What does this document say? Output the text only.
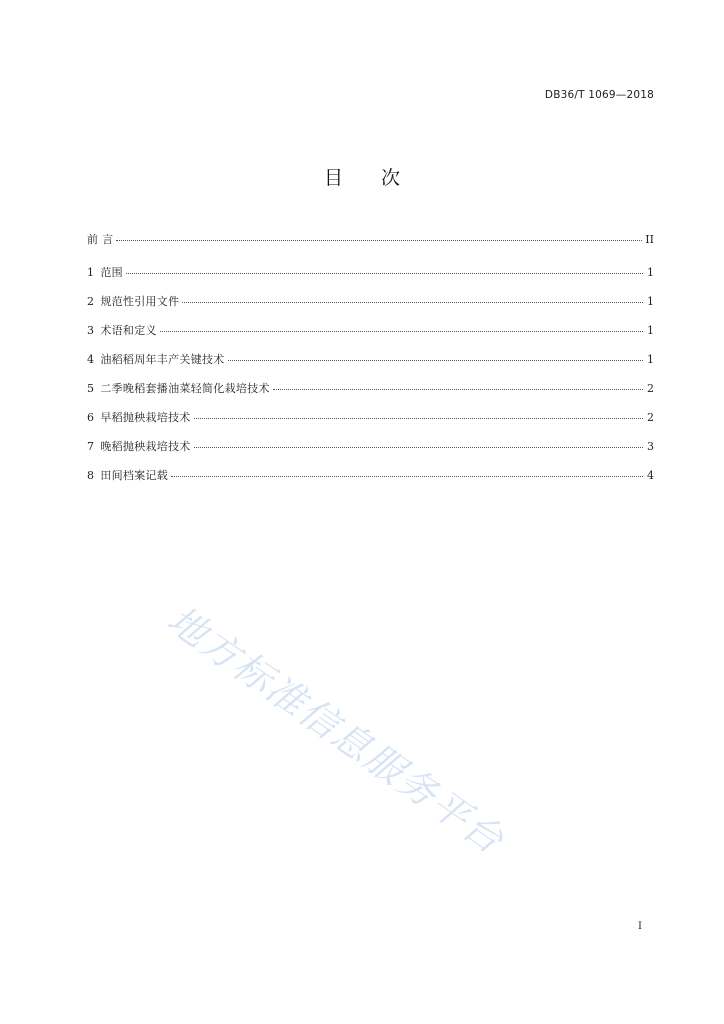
DB36/T 1069—2018
目 次
前 言	II
1 范围	1
2 规范性引用文件	1
3 术语和定义	1
4 油稻稻周年丰产关键技术	1
5 二季晚稻套播油菜轻简化栽培技术	2
6 早稻抛秧栽培技术	2
7 晚稻抛秧栽培技术	3
8 田间档案记载	4
地方标准信息服务平台
I
